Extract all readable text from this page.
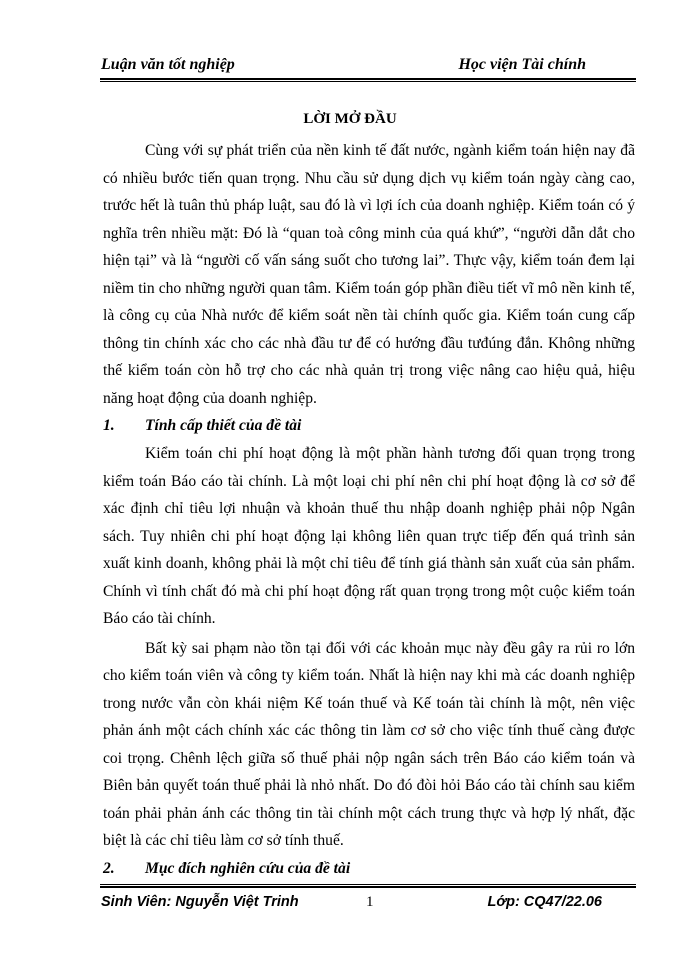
Luận văn tốt nghiệp	Học viện Tài chính
LỜI MỞ ĐẦU

Cùng với sự phát triển của nền kinh tế đất nước, ngành kiểm toán hiện nay đã có nhiều bước tiến quan trọng. Nhu cầu sử dụng dịch vụ kiểm toán ngày càng cao, trước hết là tuân thủ pháp luật, sau đó là vì lợi ích của doanh nghiệp. Kiểm toán có ý nghĩa trên nhiều mặt: Đó là “quan toà công minh của quá khứ”, “người dẫn dắt cho hiện tại” và là “người cố vấn sáng suốt cho tương lai”. Thực vậy, kiểm toán đem lại niềm tin cho những người quan tâm. Kiểm toán góp phần điều tiết vĩ mô nền kinh tế, là công cụ của Nhà nước để kiểm soát nền tài chính quốc gia. Kiểm toán cung cấp thông tin chính xác cho các nhà đầu tư để có hướng đầu tưđúng đắn. Không những thế kiểm toán còn hỗ trợ cho các nhà quản trị trong việc nâng cao hiệu quả, hiệu năng hoạt động của doanh nghiệp.

1. Tính cấp thiết của đề tài

Kiểm toán chi phí hoạt động là một phần hành tương đối quan trọng trong kiểm toán Báo cáo tài chính. Là một loại chi phí nên chi phí hoạt động là cơ sở để xác định chỉ tiêu lợi nhuận và khoản thuế thu nhập doanh nghiệp phải nộp Ngân sách. Tuy nhiên chi phí hoạt động lại không liên quan trực tiếp đến quá trình sản xuất kinh doanh, không phải là một chỉ tiêu để tính giá thành sản xuất của sản phẩm. Chính vì tính chất đó mà chi phí hoạt động rất quan trọng trong một cuộc kiểm toán Báo cáo tài chính.

Bất kỳ sai phạm nào tồn tại đối với các khoản mục này đều gây ra rủi ro lớn cho kiểm toán viên và công ty kiểm toán. Nhất là hiện nay khi mà các doanh nghiệp trong nước vẫn còn khái niệm Kế toán thuế và Kế toán tài chính là một, nên việc phản ánh một cách chính xác các thông tin làm cơ sở cho việc tính thuế càng được coi trọng. Chênh lệch giữa số thuế phải nộp ngân sách trên Báo cáo kiểm toán và Biên bản quyết toán thuế phải là nhỏ nhất. Do đó đòi hỏi Báo cáo tài chính sau kiểm toán phải phản ánh các thông tin tài chính một cách trung thực và hợp lý nhất, đặc biệt là các chỉ tiêu làm cơ sở tính thuế.

2. Mục đích nghiên cứu của đề tài
Sinh Viên: Nguyễn Việt Trinh	1	Lớp: CQ47/22.06
